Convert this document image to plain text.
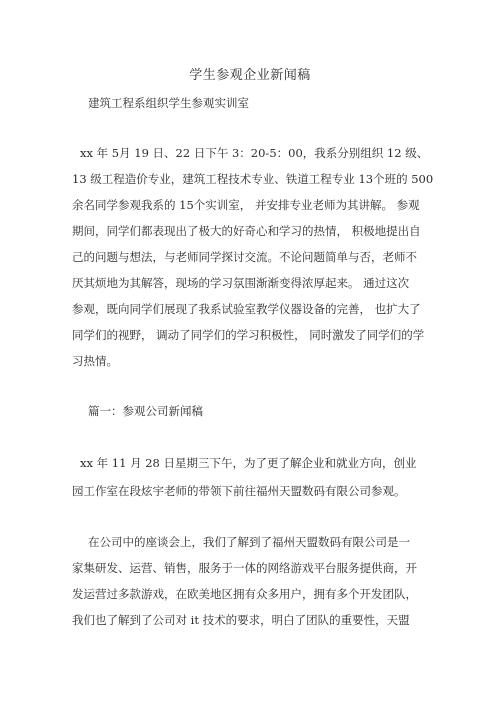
学生参观企业新闻稿
建筑工程系组织学生参观实训室
xx 年 5月 19 日、22 日下午 3：20-5：00，我系分别组织 12 级、
13 级工程造价专业，建筑工程技术专业、铁道工程专业 13个班的 500
余名同学参观我系的 15个实训室， 并安排专业老师为其讲解。 参观
期间，同学们都表现出了极大的好奇心和学习的热情， 积极地提出自
己的问题与想法，与老师同学探讨交流。不论问题简单与否，老师不
厌其烦地为其解答，现场的学习氛围渐渐变得浓厚起来。 通过这次
参观，既向同学们展现了我系试验室教学仪器设备的完善， 也扩大了
同学们的视野， 调动了同学们的学习积极性， 同时激发了同学们的学
习热情。
篇一：参观公司新闻稿
xx 年 11 月 28 日星期三下午，为了更了解企业和就业方向，创业
园工作室在段炫宇老师的带领下前往福州天盟数码有限公司参观。
在公司中的座谈会上，我们了解到了福州天盟数码有限公司是一
家集研发、运营、销售，服务于一体的网络游戏平台服务提供商，开
发运营过多款游戏，在欧美地区拥有众多用户，拥有多个开发团队，
我们也了解到了公司对 it 技术的要求，明白了团队的重要性，天盟
